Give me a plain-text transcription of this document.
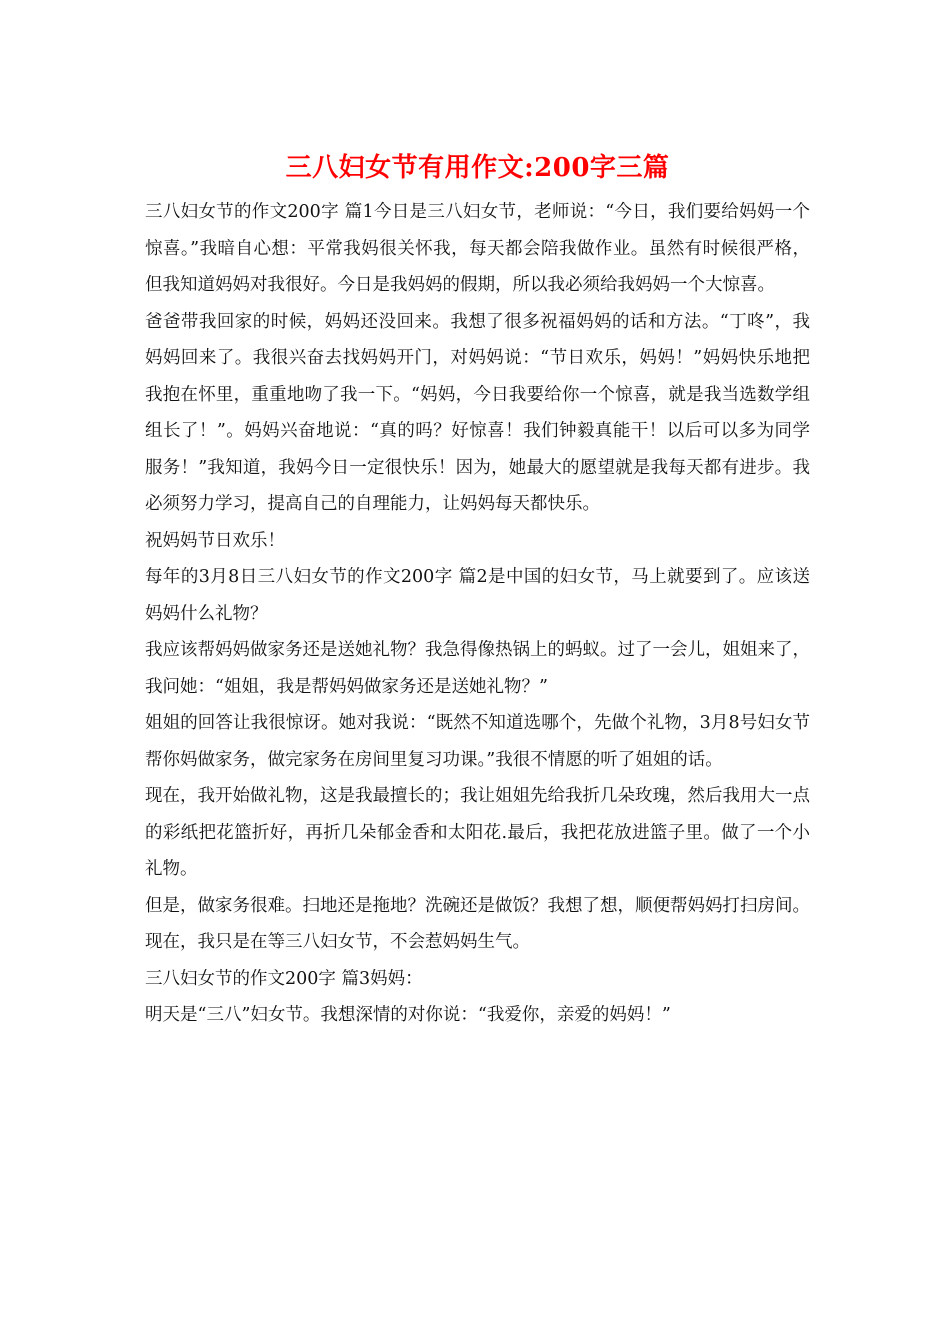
三八妇女节有用作文:200字三篇

三八妇女节的作文200字 篇1今日是三八妇女节，老师说：“今日，我们要给妈妈一个惊喜。”我暗自心想：平常我妈很关怀我，每天都会陪我做作业。虽然有时候很严格，但我知道妈妈对我很好。今日是我妈妈的假期，所以我必须给我妈妈一个大惊喜。

爸爸带我回家的时候，妈妈还没回来。我想了很多祝福妈妈的话和方法。“丁咚”，我妈妈回来了。我很兴奋去找妈妈开门，对妈妈说：“节日欢乐，妈妈！”妈妈快乐地把我抱在怀里，重重地吻了我一下。“妈妈，今日我要给你一个惊喜，就是我当选数学组组长了！”。妈妈兴奋地说：“真的吗？好惊喜！我们钟毅真能干！以后可以多为同学服务！”我知道，我妈今日一定很快乐！因为，她最大的愿望就是我每天都有进步。我必须努力学习，提高自己的自理能力，让妈妈每天都快乐。

祝妈妈节日欢乐！

每年的3月8日三八妇女节的作文200字 篇2是中国的妇女节，马上就要到了。应该送妈妈什么礼物？

我应该帮妈妈做家务还是送她礼物？我急得像热锅上的蚂蚁。过了一会儿，姐姐来了，我问她：“姐姐，我是帮妈妈做家务还是送她礼物？”

姐姐的回答让我很惊讶。她对我说：“既然不知道选哪个，先做个礼物，3月8号妇女节帮你妈做家务，做完家务在房间里复习功课。”我很不情愿的听了姐姐的话。

现在，我开始做礼物，这是我最擅长的；我让姐姐先给我折几朵玫瑰，然后我用大一点的彩纸把花篮折好，再折几朵郁金香和太阳花.最后，我把花放进篮子里。做了一个小礼物。

但是，做家务很难。扫地还是拖地？洗碗还是做饭？我想了想，顺便帮妈妈打扫房间。

现在，我只是在等三八妇女节，不会惹妈妈生气。

三八妇女节的作文200字 篇3妈妈：

明天是“三八”妇女节。我想深情的对你说：“我爱你，亲爱的妈妈！”
